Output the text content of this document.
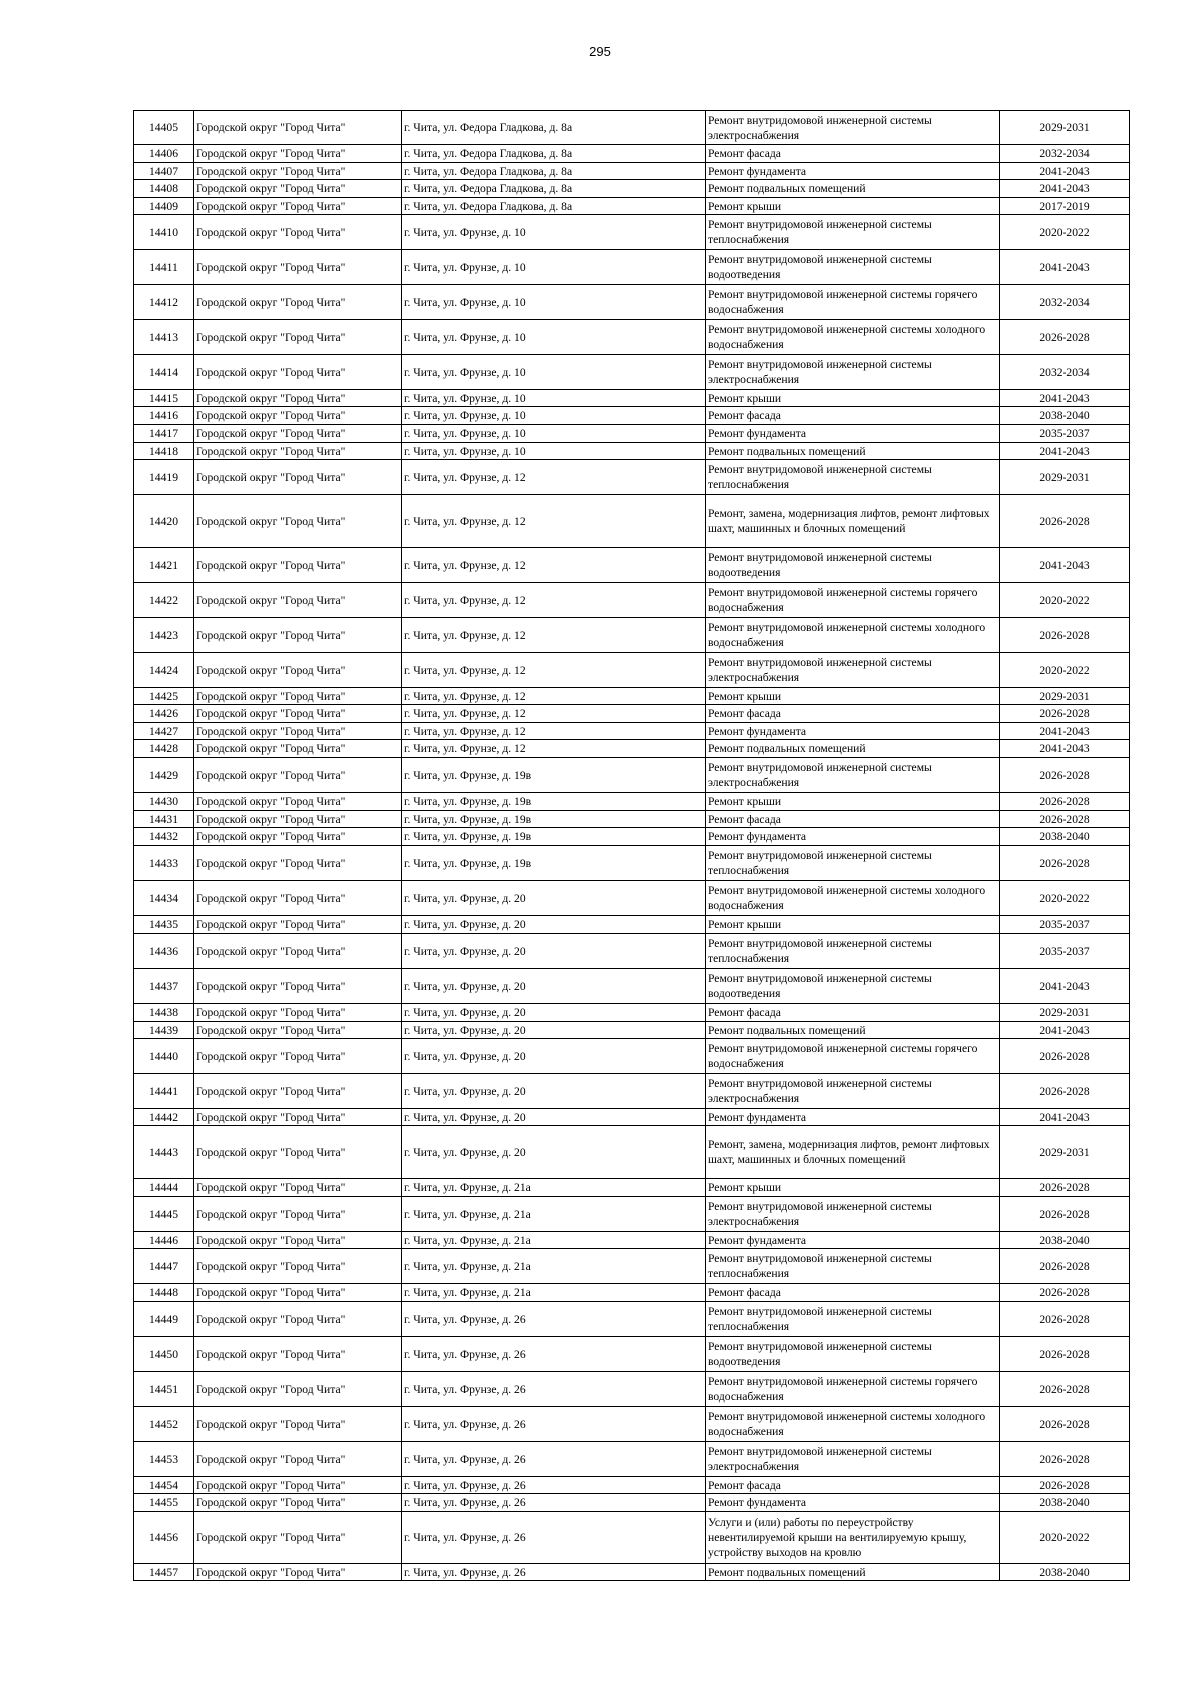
295
14405	Городской округ "Город Чита"	г. Чита, ул. Федора Гладкова, д. 8а	Ремонт внутридомовой инженерной системы электроснабжения	2029-2031
14406	Городской округ "Город Чита"	г. Чита, ул. Федора Гладкова, д. 8а	Ремонт фасада	2032-2034
14407	Городской округ "Город Чита"	г. Чита, ул. Федора Гладкова, д. 8а	Ремонт фундамента	2041-2043
14408	Городской округ "Город Чита"	г. Чита, ул. Федора Гладкова, д. 8а	Ремонт подвальных помещений	2041-2043
14409	Городской округ "Город Чита"	г. Чита, ул. Федора Гладкова, д. 8а	Ремонт крыши	2017-2019
14410	Городской округ "Город Чита"	г. Чита, ул. Фрунзе, д. 10	Ремонт внутридомовой инженерной системы теплоснабжения	2020-2022
14411	Городской округ "Город Чита"	г. Чита, ул. Фрунзе, д. 10	Ремонт внутридомовой инженерной системы водоотведения	2041-2043
14412	Городской округ "Город Чита"	г. Чита, ул. Фрунзе, д. 10	Ремонт внутридомовой инженерной системы горячего водоснабжения	2032-2034
14413	Городской округ "Город Чита"	г. Чита, ул. Фрунзе, д. 10	Ремонт внутридомовой инженерной системы холодного водоснабжения	2026-2028
14414	Городской округ "Город Чита"	г. Чита, ул. Фрунзе, д. 10	Ремонт внутридомовой инженерной системы электроснабжения	2032-2034
14415	Городской округ "Город Чита"	г. Чита, ул. Фрунзе, д. 10	Ремонт крыши	2041-2043
14416	Городской округ "Город Чита"	г. Чита, ул. Фрунзе, д. 10	Ремонт фасада	2038-2040
14417	Городской округ "Город Чита"	г. Чита, ул. Фрунзе, д. 10	Ремонт фундамента	2035-2037
14418	Городской округ "Город Чита"	г. Чита, ул. Фрунзе, д. 10	Ремонт подвальных помещений	2041-2043
14419	Городской округ "Город Чита"	г. Чита, ул. Фрунзе, д. 12	Ремонт внутридомовой инженерной системы теплоснабжения	2029-2031
14420	Городской округ "Город Чита"	г. Чита, ул. Фрунзе, д. 12	Ремонт, замена, модернизация лифтов, ремонт лифтовых шахт, машинных и блочных помещений	2026-2028
14421	Городской округ "Город Чита"	г. Чита, ул. Фрунзе, д. 12	Ремонт внутридомовой инженерной системы водоотведения	2041-2043
14422	Городской округ "Город Чита"	г. Чита, ул. Фрунзе, д. 12	Ремонт внутридомовой инженерной системы горячего водоснабжения	2020-2022
14423	Городской округ "Город Чита"	г. Чита, ул. Фрунзе, д. 12	Ремонт внутридомовой инженерной системы холодного водоснабжения	2026-2028
14424	Городской округ "Город Чита"	г. Чита, ул. Фрунзе, д. 12	Ремонт внутридомовой инженерной системы электроснабжения	2020-2022
14425	Городской округ "Город Чита"	г. Чита, ул. Фрунзе, д. 12	Ремонт крыши	2029-2031
14426	Городской округ "Город Чита"	г. Чита, ул. Фрунзе, д. 12	Ремонт фасада	2026-2028
14427	Городской округ "Город Чита"	г. Чита, ул. Фрунзе, д. 12	Ремонт фундамента	2041-2043
14428	Городской округ "Город Чита"	г. Чита, ул. Фрунзе, д. 12	Ремонт подвальных помещений	2041-2043
14429	Городской округ "Город Чита"	г. Чита, ул. Фрунзе, д. 19в	Ремонт внутридомовой инженерной системы электроснабжения	2026-2028
14430	Городской округ "Город Чита"	г. Чита, ул. Фрунзе, д. 19в	Ремонт крыши	2026-2028
14431	Городской округ "Город Чита"	г. Чита, ул. Фрунзе, д. 19в	Ремонт фасада	2026-2028
14432	Городской округ "Город Чита"	г. Чита, ул. Фрунзе, д. 19в	Ремонт фундамента	2038-2040
14433	Городской округ "Город Чита"	г. Чита, ул. Фрунзе, д. 19в	Ремонт внутридомовой инженерной системы теплоснабжения	2026-2028
14434	Городской округ "Город Чита"	г. Чита, ул. Фрунзе, д. 20	Ремонт внутридомовой инженерной системы холодного водоснабжения	2020-2022
14435	Городской округ "Город Чита"	г. Чита, ул. Фрунзе, д. 20	Ремонт крыши	2035-2037
14436	Городской округ "Город Чита"	г. Чита, ул. Фрунзе, д. 20	Ремонт внутридомовой инженерной системы теплоснабжения	2035-2037
14437	Городской округ "Город Чита"	г. Чита, ул. Фрунзе, д. 20	Ремонт внутридомовой инженерной системы водоотведения	2041-2043
14438	Городской округ "Город Чита"	г. Чита, ул. Фрунзе, д. 20	Ремонт фасада	2029-2031
14439	Городской округ "Город Чита"	г. Чита, ул. Фрунзе, д. 20	Ремонт подвальных помещений	2041-2043
14440	Городской округ "Город Чита"	г. Чита, ул. Фрунзе, д. 20	Ремонт внутридомовой инженерной системы горячего водоснабжения	2026-2028
14441	Городской округ "Город Чита"	г. Чита, ул. Фрунзе, д. 20	Ремонт внутридомовой инженерной системы электроснабжения	2026-2028
14442	Городской округ "Город Чита"	г. Чита, ул. Фрунзе, д. 20	Ремонт фундамента	2041-2043
14443	Городской округ "Город Чита"	г. Чита, ул. Фрунзе, д. 20	Ремонт, замена, модернизация лифтов, ремонт лифтовых шахт, машинных и блочных помещений	2029-2031
14444	Городской округ "Город Чита"	г. Чита, ул. Фрунзе, д. 21а	Ремонт крыши	2026-2028
14445	Городской округ "Город Чита"	г. Чита, ул. Фрунзе, д. 21а	Ремонт внутридомовой инженерной системы электроснабжения	2026-2028
14446	Городской округ "Город Чита"	г. Чита, ул. Фрунзе, д. 21а	Ремонт фундамента	2038-2040
14447	Городской округ "Город Чита"	г. Чита, ул. Фрунзе, д. 21а	Ремонт внутридомовой инженерной системы теплоснабжения	2026-2028
14448	Городской округ "Город Чита"	г. Чита, ул. Фрунзе, д. 21а	Ремонт фасада	2026-2028
14449	Городской округ "Город Чита"	г. Чита, ул. Фрунзе, д. 26	Ремонт внутридомовой инженерной системы теплоснабжения	2026-2028
14450	Городской округ "Город Чита"	г. Чита, ул. Фрунзе, д. 26	Ремонт внутридомовой инженерной системы водоотведения	2026-2028
14451	Городской округ "Город Чита"	г. Чита, ул. Фрунзе, д. 26	Ремонт внутридомовой инженерной системы горячего водоснабжения	2026-2028
14452	Городской округ "Город Чита"	г. Чита, ул. Фрунзе, д. 26	Ремонт внутридомовой инженерной системы холодного водоснабжения	2026-2028
14453	Городской округ "Город Чита"	г. Чита, ул. Фрунзе, д. 26	Ремонт внутридомовой инженерной системы электроснабжения	2026-2028
14454	Городской округ "Город Чита"	г. Чита, ул. Фрунзе, д. 26	Ремонт фасада	2026-2028
14455	Городской округ "Город Чита"	г. Чита, ул. Фрунзе, д. 26	Ремонт фундамента	2038-2040
14456	Городской округ "Город Чита"	г. Чита, ул. Фрунзе, д. 26	Услуги и (или) работы по переустройству невентилируемой крыши на вентилируемую крышу, устройству выходов на кровлю	2020-2022
14457	Городской округ "Город Чита"	г. Чита, ул. Фрунзе, д. 26	Ремонт подвальных помещений	2038-2040
